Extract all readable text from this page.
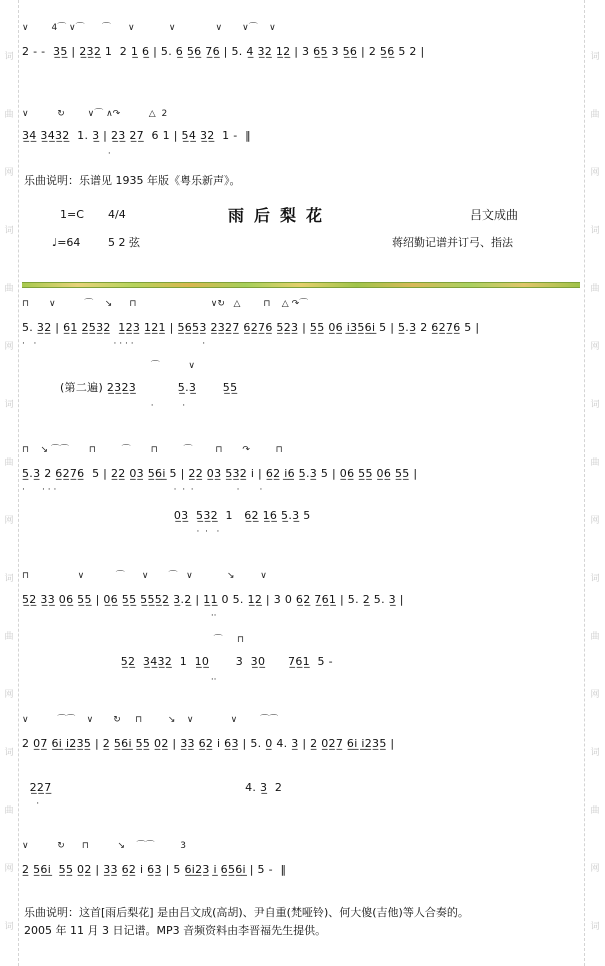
词
曲
网
词
曲
网
词
曲
网
词
曲
网
词
曲
网
词
词
曲
网
词
曲
网
词
曲
网
词
曲
网
词
曲
网
词
∨        4⌒ ∨⌒      ⌒      ∨            ∨              ∨       ∨⌒    ∨
2 - -  3̲5̲ | 2̲3̲2̲ 1  2 1̲ 6̲ | 5. 6̲ 5̲6̲ 7̲6̲ | 5. 4̲ 3̲2̲ 1̲2̲ | 3 6̲5̲ 3 5̲6̲ | 2 5̲6̲ 5 2 |
∨          ↻        ∨⌒ ∧↷          △  2
3̲4̲ 3̲4̲3̲2̲  1. 3̲ | 2̲3̲ 2̲7̲  6 1 | 5̲4̲ 3̲2̲  1 -  ‖
·
乐曲说明：乐谱见 1935 年版《粤乐新声》。
1=C 4/4	雨后梨花	吕文成曲
♩=64	5 2 弦	蒋绍勤记谱并订弓、指法
⊓       ∨          ⌒    ↘      ⊓                          ∨↻   △        ⊓    △ ↷⌒
5. 3̲2̲ | 6̲1̲ 2̲5̲3̲2̲  1̲2̲3̲ 1̲2̲1̲ | 5̲6̲5̲3̲ 2̲3̲2̲7̲ 6̲2̲7̲6̲ 5̲2̲3̲ | 5̲5̲ 0̲6̲ i̲3̲5̲6̲i̲ 5 | 5̲.3̲ 2 6̲2̲7̲6̲ 5 |
·   ·                           · · · ·                        ·
⌒          ∨
(第二遍) 2̲3̲2̲3̲           5̲.3̲       5̲5̲
·          ·
⊓    ↘ ⌒⌒       ⊓         ⌒       ⊓         ⌒        ⊓       ↷         ⊓
5̲.3̲ 2 6̲2̲7̲6̲  5 | 2̲2̲ 0̲3̲ 5̲6̲i̲ 5 | 2̲2̲ 0̲3̲ 5̲3̲2̲ i | 6̲2̲ i̲6̲ 5̲.3̲ 5 | 0̲6̲ 5̲5̲ 0̲6̲ 5̲5̲ |
·      · · ·                                         ·  ·  ·               ·       ·
0̲3̲  5̲3̲2̲  1   6̲2̲ 1̲6̲ 5̲.3̲ 5
·  ·   ·
⊓                 ∨           ⌒      ∨       ⌒   ∨            ↘         ∨
5̲2̲ 3̲3̲ 0̲6̲ 5̲5̲ | 0̲6̲ 5̲5̲ 5̲5̲5̲2̲ 3̲.2̲ | 1̲1̲ 0 5. 1̲2̲ | 3 0 6̲2̲ 7̲6̲1̲ | 5. 2̲ 5. 3̲ |
··
⌒     ⊓
5̲2̲  3̲4̲3̲2̲  1  1̲0̲       3  3̲0̲      7̲6̲1̲  5 -
··
∨          ⌒⌒    ∨       ↻     ⊓         ↘    ∨             ∨        ⌒⌒
2 0̲7̲ 6̲i̲ i̲2̲3̲5̲ | 2̲ 5̲6̲i̲ 5̲5̲ 0̲2̲ | 3̲3̲ 6̲2̲ i 6̲3̲ | 5. 0̲ 4. 3̲ | 2̲ 0̲2̲7̲ 6̲i̲ i̲2̲3̲5̲ |
2̲2̲7̲                                                   4. 3̲  2
·
∨          ↻      ⊓          ↘    ⌒⌒         3
2̲ 5̲6̲i̲  5̲5̲ 0̲2̲ | 3̲3̲ 6̲2̲ i 6̲3̲ | 5 6̲i̲2̲3̲ i̲ 6̲5̲6̲i̲ | 5 -  ‖
乐曲说明：这首[雨后梨花] 是由吕文成(高胡)、尹自重(梵哑铃)、何大傻(吉他)等人合奏的。
2005 年 11 月 3 日记谱。MP3 音频资料由李晋福先生提供。
